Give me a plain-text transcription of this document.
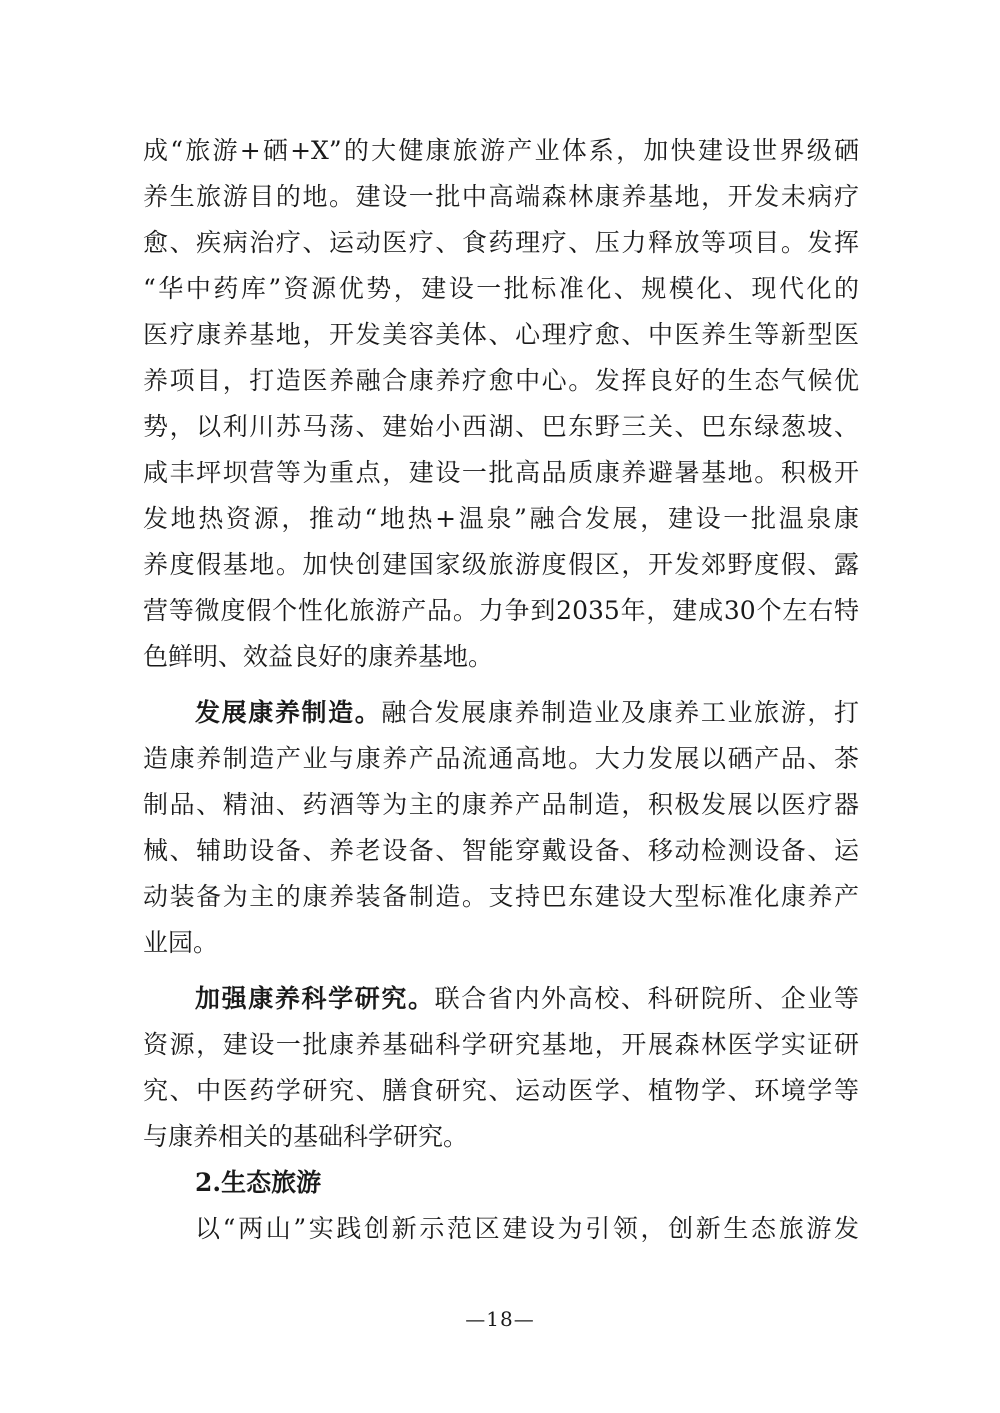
成“旅游+硒+X”的大健康旅游产业体系，加快建设世界级硒
养生旅游目的地。建设一批中高端森林康养基地，开发未病疗
愈、疾病治疗、运动医疗、食药理疗、压力释放等项目。发挥
“华中药库”资源优势，建设一批标准化、规模化、现代化的
医疗康养基地，开发美容美体、心理疗愈、中医养生等新型医
养项目，打造医养融合康养疗愈中心。发挥良好的生态气候优
势，以利川苏马荡、建始小西湖、巴东野三关、巴东绿葱坡、
咸丰坪坝营等为重点，建设一批高品质康养避暑基地。积极开
发地热资源，推动“地热+温泉”融合发展，建设一批温泉康
养度假基地。加快创建国家级旅游度假区，开发郊野度假、露
营等微度假个性化旅游产品。力争到2035年，建成30个左右特
色鲜明、效益良好的康养基地。
发展康养制造。融合发展康养制造业及康养工业旅游，打
造康养制造产业与康养产品流通高地。大力发展以硒产品、茶
制品、精油、药酒等为主的康养产品制造，积极发展以医疗器
械、辅助设备、养老设备、智能穿戴设备、移动检测设备、运
动装备为主的康养装备制造。支持巴东建设大型标准化康养产
业园。
加强康养科学研究。联合省内外高校、科研院所、企业等
资源，建设一批康养基础科学研究基地，开展森林医学实证研
究、中医药学研究、膳食研究、运动医学、植物学、环境学等
与康养相关的基础科学研究。
2.生态旅游
以“两山”实践创新示范区建设为引领，创新生态旅游发
—18—
